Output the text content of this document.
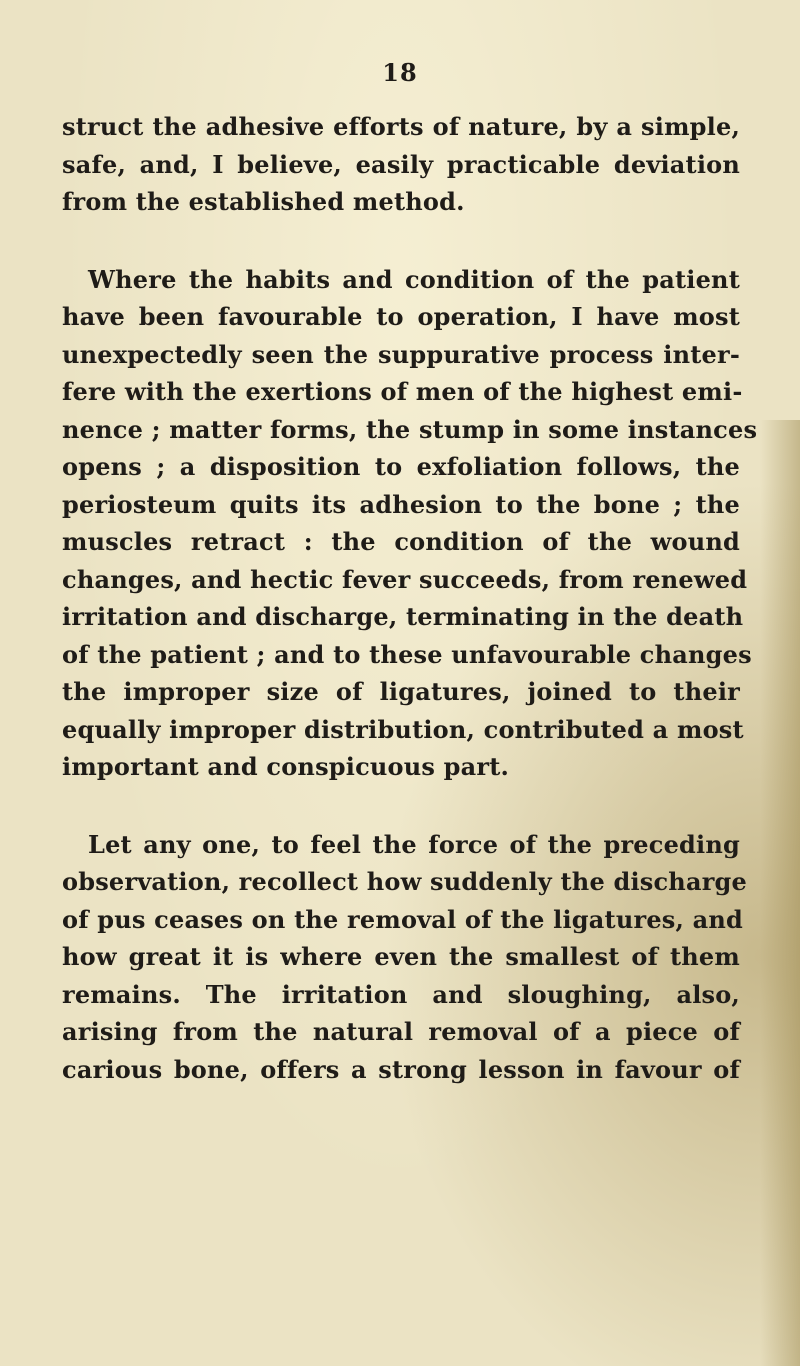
18

struct the adhesive efforts of nature, by a simple,
safe, and, I believe, easily practicable deviation
from the established method.

Where the habits and condition of the patient
have been favourable to operation, I have most
unexpectedly seen the suppurative process inter-
fere with the exertions of men of the highest emi-
nence ; matter forms, the stump in some instances
opens ; a disposition to exfoliation follows, the
periosteum quits its adhesion to the bone ; the
muscles retract : the condition of the wound
changes, and hectic fever succeeds, from renewed
irritation and discharge, terminating in the death
of the patient ; and to these unfavourable changes
the improper size of ligatures, joined to their
equally improper distribution, contributed a most
important and conspicuous part.

Let any one, to feel the force of the preceding
observation, recollect how suddenly the discharge
of pus ceases on the removal of the ligatures, and
how great it is where even the smallest of them
remains. The irritation and sloughing, also,
arising from the natural removal of a piece of
carious bone, offers a strong lesson in favour of
